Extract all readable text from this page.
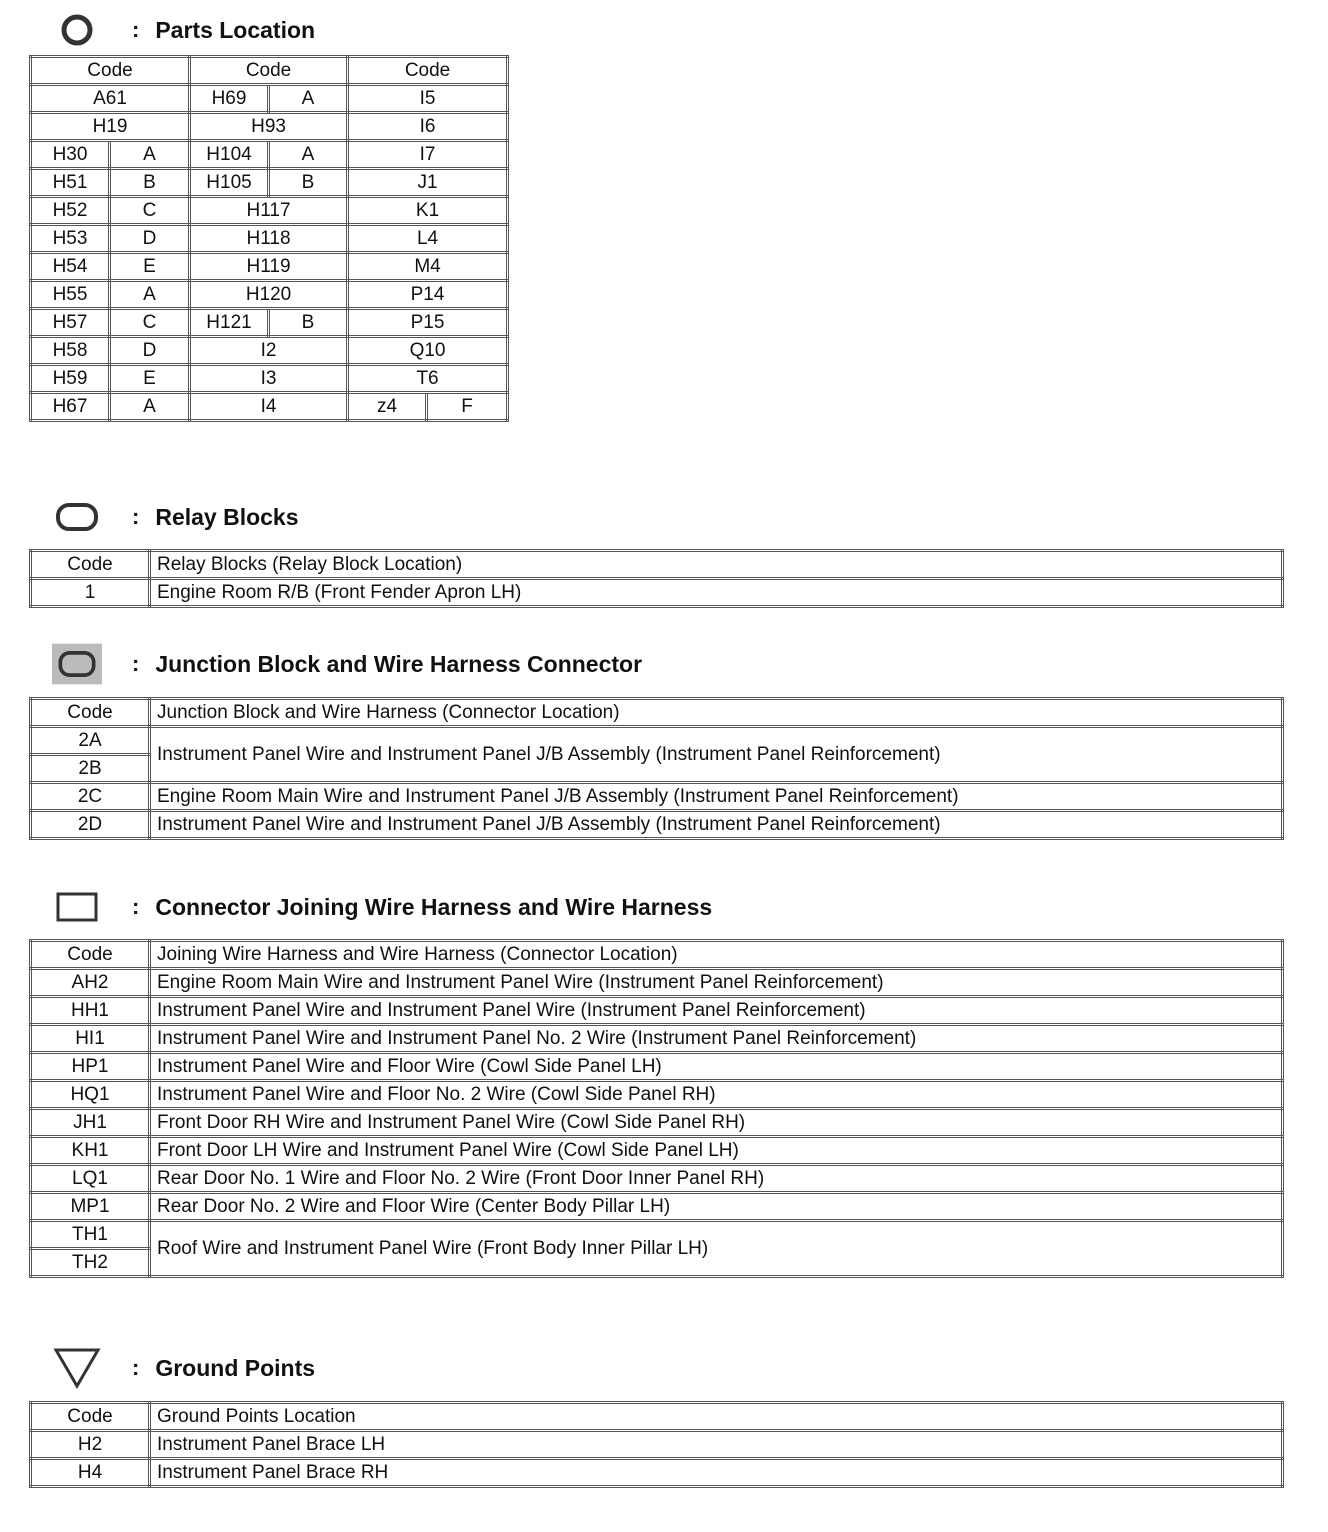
: Parts Location
Code		Code		Code	
A61		H69	A	I5	
H19		H93		I6	
H30	A	H104	A	I7	
H51	B	H105	B	J1	
H52	C	H117		K1	
H53	D	H118		L4	
H54	E	H119		M4	
H55	A	H120		P14	
H57	C	H121	B	P15	
H58	D	I2		Q10	
H59	E	I3		T6	
H67	A	I4		z4	F
: Relay Blocks
Code	Relay Blocks (Relay Block Location)
1	Engine Room R/B (Front Fender Apron LH)
: Junction Block and Wire Harness Connector
Code	Junction Block and Wire Harness (Connector Location)
2A	Instrument Panel Wire and Instrument Panel J/B Assembly (Instrument Panel Reinforcement)
2B	
2C	Engine Room Main Wire and Instrument Panel J/B Assembly (Instrument Panel Reinforcement)
2D	Instrument Panel Wire and Instrument Panel J/B Assembly (Instrument Panel Reinforcement)
: Connector Joining Wire Harness and Wire Harness
Code	Joining Wire Harness and Wire Harness (Connector Location)
AH2	Engine Room Main Wire and Instrument Panel Wire (Instrument Panel Reinforcement)
HH1	Instrument Panel Wire and Instrument Panel Wire (Instrument Panel Reinforcement)
HI1	Instrument Panel Wire and Instrument Panel No. 2 Wire (Instrument Panel Reinforcement)
HP1	Instrument Panel Wire and Floor Wire (Cowl Side Panel LH)
HQ1	Instrument Panel Wire and Floor No. 2 Wire (Cowl Side Panel RH)
JH1	Front Door RH Wire and Instrument Panel Wire (Cowl Side Panel RH)
KH1	Front Door LH Wire and Instrument Panel Wire (Cowl Side Panel LH)
LQ1	Rear Door No. 1 Wire and Floor No. 2 Wire (Front Door Inner Panel RH)
MP1	Rear Door No. 2 Wire and Floor Wire (Center Body Pillar LH)
TH1	Roof Wire and Instrument Panel Wire (Front Body Inner Pillar LH)
TH2	
: Ground Points
Code	Ground Points Location
H2	Instrument Panel Brace LH
H4	Instrument Panel Brace RH
